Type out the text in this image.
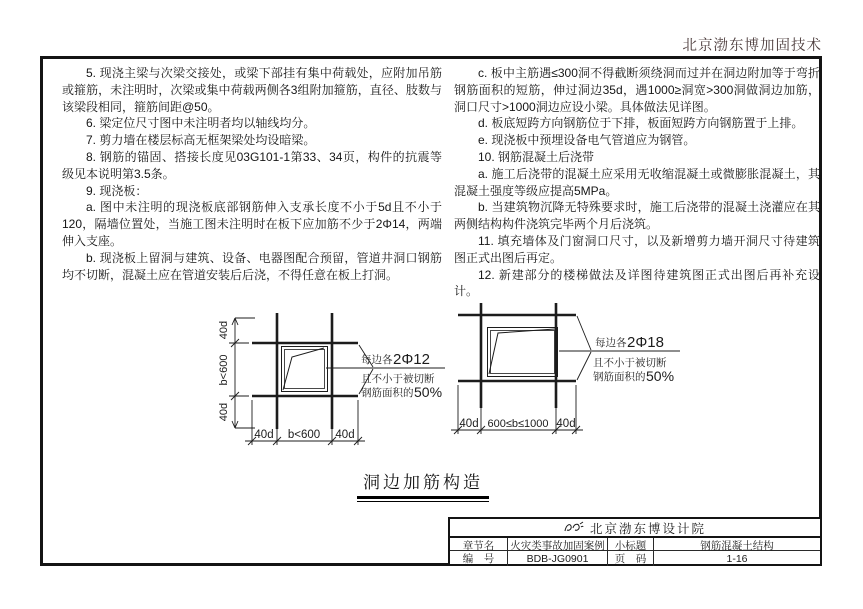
北京渤东博加固技术

5. 现浇主梁与次梁交接处，或梁下部挂有集中荷载处，应附加吊筋或箍筋，未注明时，次梁或集中荷载两侧各3组附加箍筋，直径、肢数与该梁段相同，箍筋间距@50。

6. 梁定位尺寸图中未注明者均以轴线均分。

7. 剪力墙在楼层标高无框架梁处均设暗梁。

8. 钢筋的锚固、搭接长度见03G101-1第33、34页，构件的抗震等级见本说明第3.5条。

9. 现浇板：

a. 图中未注明的现浇板底部钢筋伸入支承长度不小于5d且不小于120，隔墙位置处，当施工图未注明时在板下应加筋不少于2Φ14，两端伸入支座。

b. 现浇板上留洞与建筑、设备、电器图配合预留，管道井洞口钢筋均不切断，混凝土应在管道安装后后浇，不得任意在板上打洞。

c. 板中主筋遇≤300洞不得截断须绕洞而过并在洞边附加等于弯折钢筋面积的短筋，伸过洞边35d，遇1000≥洞宽>300洞做洞边加筋，洞口尺寸>1000洞边应设小梁。具体做法见详图。

d. 板底短跨方向钢筋位于下排，板面短跨方向钢筋置于上排。

e. 现浇板中预埋设备电气管道应为钢管。

10. 钢筋混凝土后浇带

a. 施工后浇带的混凝土应采用无收缩混凝土或微膨胀混凝土，其混凝土强度等级应提高5MPa。

b. 当建筑物沉降无特殊要求时，施工后浇带的混凝土浇灌应在其两侧结构构件浇筑完毕两个月后浇筑。

11. 填充墙体及门窗洞口尺寸，以及新增剪力墙开洞尺寸待建筑图正式出图后再定。

12. 新建部分的楼梯做法及详图待建筑图正式出图后再补充设计。

每边各 2Φ12
且不小于被切断
钢筋面积的 50%
40d
b<600
40d
40d b<600 40d
每边各 2Φ18
且不小于被切断
钢筋面积的 50%
40d 600≤b≤1000 40d
洞边加筋构造
北京渤东博设计院
章节名	火灾类事故加固案例 小标题	钢筋混凝土结构
编　号	BDB-JG0901	页　码	1-16
